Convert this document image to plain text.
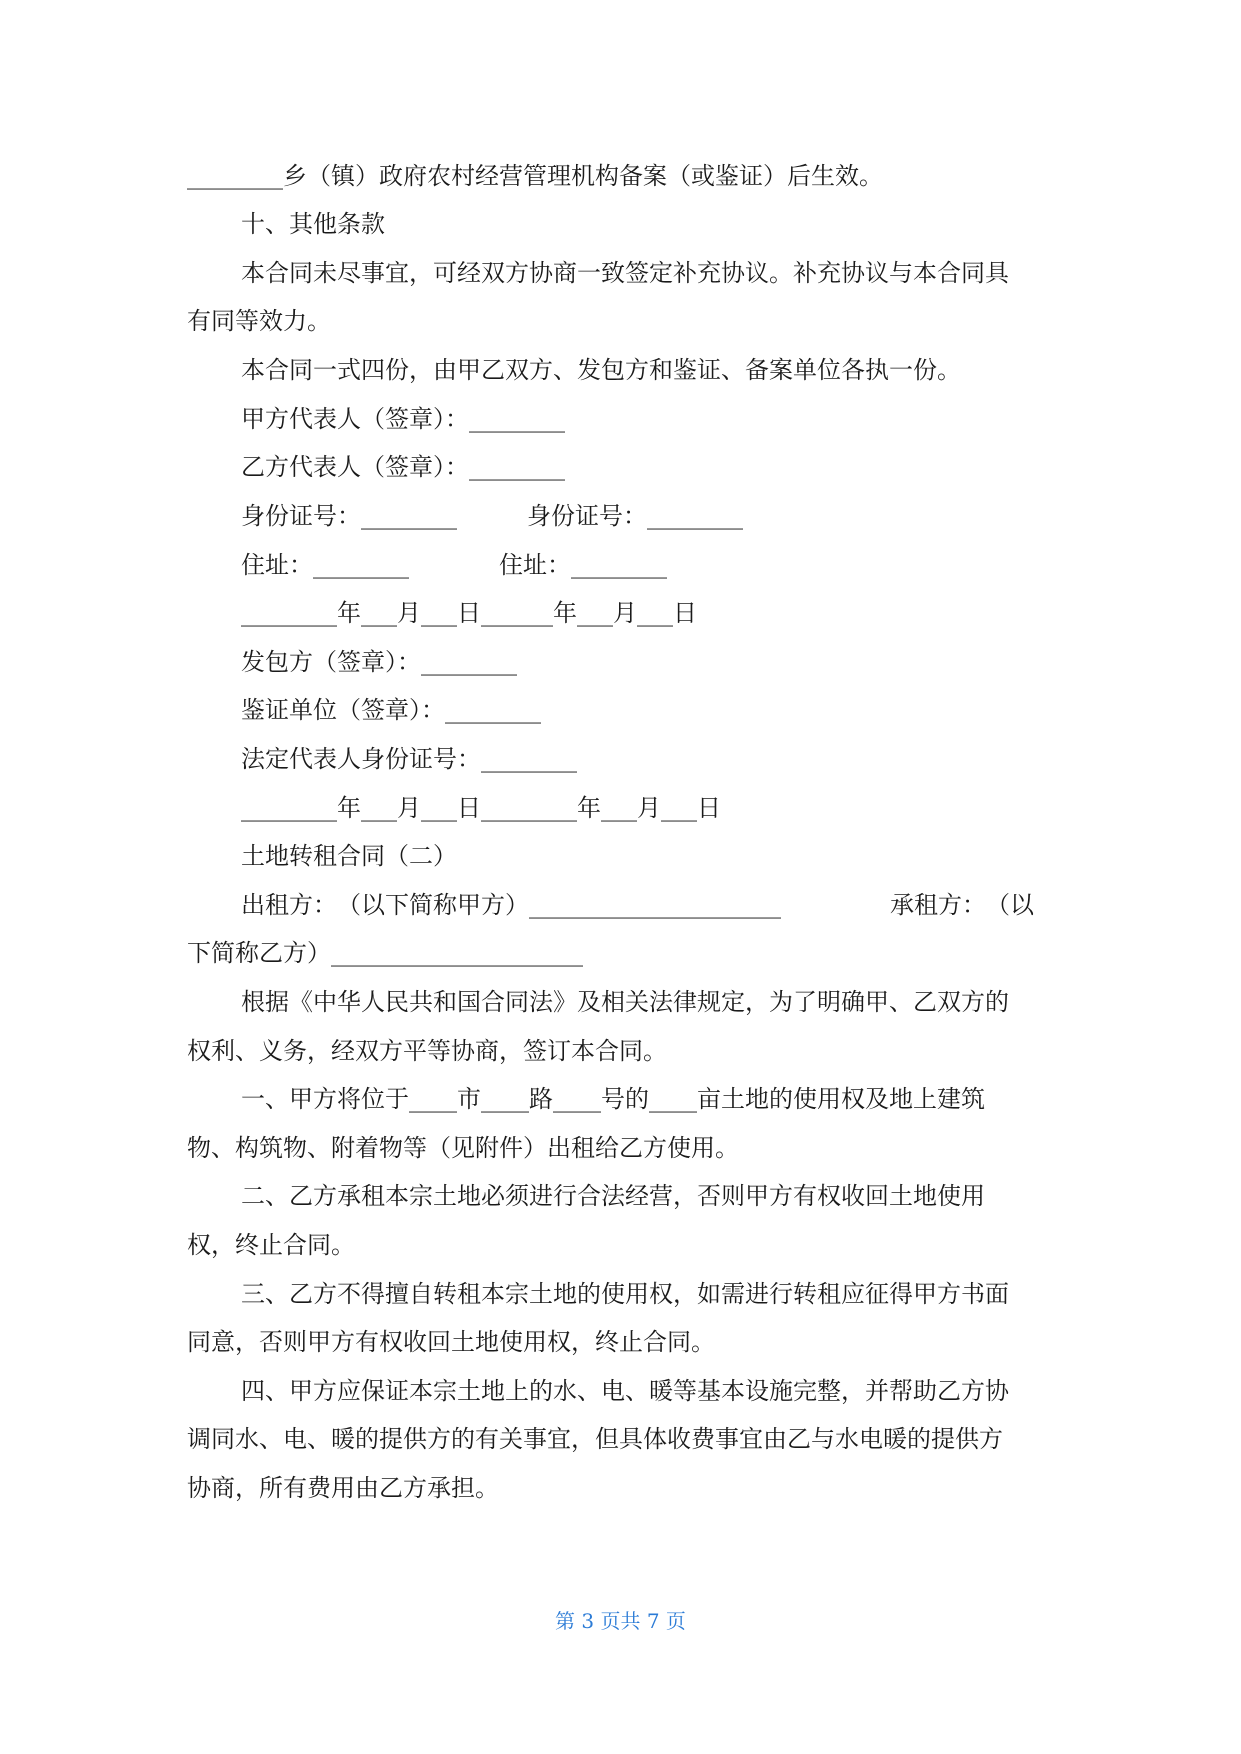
________乡（镇）政府农村经营管理机构备案（或鉴证）后生效。

十、其他条款

本合同未尽事宜，可经双方协商一致签定补充协议。补充协议与本合同具

有同等效力。

本合同一式四份，由甲乙双方、发包方和鉴证、备案单位各执一份。

甲方代表人（签章）：________

乙方代表人（签章）：________

身份证号：________	身份证号：________

住址：________	住址：________

________年___月___日______年___月___日

发包方（签章）：________

鉴证单位（签章）：________

法定代表人身份证号：________

________年___月___日________年___月___日

土地转租合同（二）

出租方：　（以下简称甲方）_____________________	承租方：　（以

下简称乙方）_____________________

根据《中华人民共和国合同法》及相关法律规定，为了明确甲、乙双方的

权利、义务，经双方平等协商，签订本合同。

一、甲方将位于____市____路____号的____亩土地的使用权及地上建筑

物、构筑物、附着物等（见附件）出租给乙方使用。

二、乙方承租本宗土地必须进行合法经营，否则甲方有权收回土地使用

权，终止合同。

三、乙方不得擅自转租本宗土地的使用权，如需进行转租应征得甲方书面

同意，否则甲方有权收回土地使用权，终止合同。

四、甲方应保证本宗土地上的水、电、暖等基本设施完整，并帮助乙方协

调同水、电、暖的提供方的有关事宜，但具体收费事宜由乙与水电暖的提供方

协商，所有费用由乙方承担。

第 3 页共 7 页
